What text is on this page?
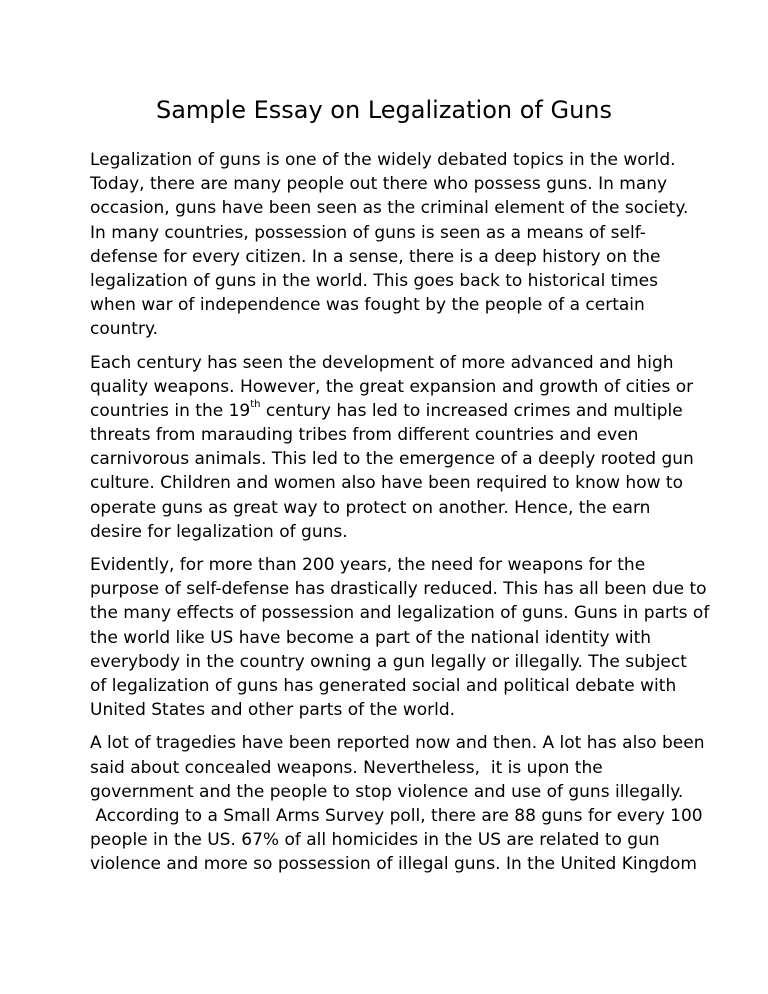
Sample Essay on Legalization of Guns
Legalization of guns is one of the widely debated topics in the world.
Today, there are many people out there who possess guns. In many
occasion, guns have been seen as the criminal element of the society.
In many countries, possession of guns is seen as a means of self-
defense for every citizen. In a sense, there is a deep history on the
legalization of guns in the world. This goes back to historical times
when war of independence was fought by the people of a certain
country.
Each century has seen the development of more advanced and high
quality weapons. However, the great expansion and growth of cities or
countries in the 19th century has led to increased crimes and multiple
threats from marauding tribes from different countries and even
carnivorous animals. This led to the emergence of a deeply rooted gun
culture. Children and women also have been required to know how to
operate guns as great way to protect on another. Hence, the earn
desire for legalization of guns.
Evidently, for more than 200 years, the need for weapons for the
purpose of self-defense has drastically reduced. This has all been due to
the many effects of possession and legalization of guns. Guns in parts of
the world like US have become a part of the national identity with
everybody in the country owning a gun legally or illegally. The subject
of legalization of guns has generated social and political debate with
United States and other parts of the world.
A lot of tragedies have been reported now and then. A lot has also been
said about concealed weapons. Nevertheless,  it is upon the
government and the people to stop violence and use of guns illegally.
According to a Small Arms Survey poll, there are 88 guns for every 100
people in the US. 67% of all homicides in the US are related to gun
violence and more so possession of illegal guns. In the United Kingdom
